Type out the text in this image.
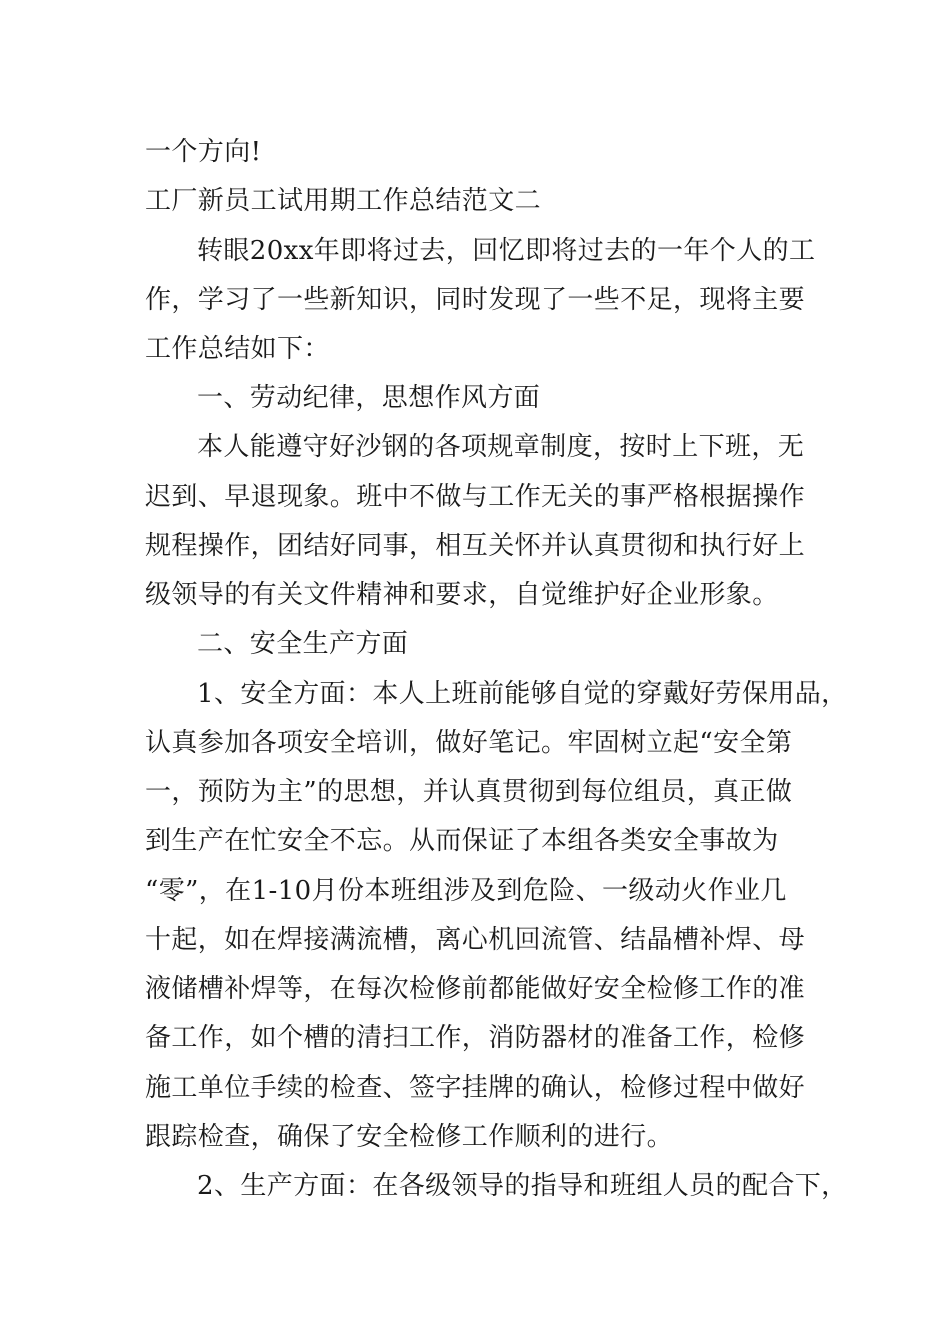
一个方向!
工厂新员工试用期工作总结范文二
转眼20xx年即将过去，回忆即将过去的一年个人的工
作，学习了一些新知识，同时发现了一些不足，现将主要
工作总结如下：
一、劳动纪律，思想作风方面
本人能遵守好沙钢的各项规章制度，按时上下班，无
迟到、早退现象。班中不做与工作无关的事严格根据操作
规程操作，团结好同事，相互关怀并认真贯彻和执行好上
级领导的有关文件精神和要求，自觉维护好企业形象。
二、安全生产方面
1、安全方面：本人上班前能够自觉的穿戴好劳保用品，
认真参加各项安全培训，做好笔记。牢固树立起“安全第
一，预防为主”的思想，并认真贯彻到每位组员，真正做
到生产在忙安全不忘。从而保证了本组各类安全事故为
“零”，在1-10月份本班组涉及到危险、一级动火作业几
十起，如在焊接满流槽，离心机回流管、结晶槽补焊、母
液储槽补焊等，在每次检修前都能做好安全检修工作的准
备工作，如个槽的清扫工作，消防器材的准备工作，检修
施工单位手续的检查、签字挂牌的确认，检修过程中做好
跟踪检查，确保了安全检修工作顺利的进行。
2、生产方面：在各级领导的指导和班组人员的配合下，
